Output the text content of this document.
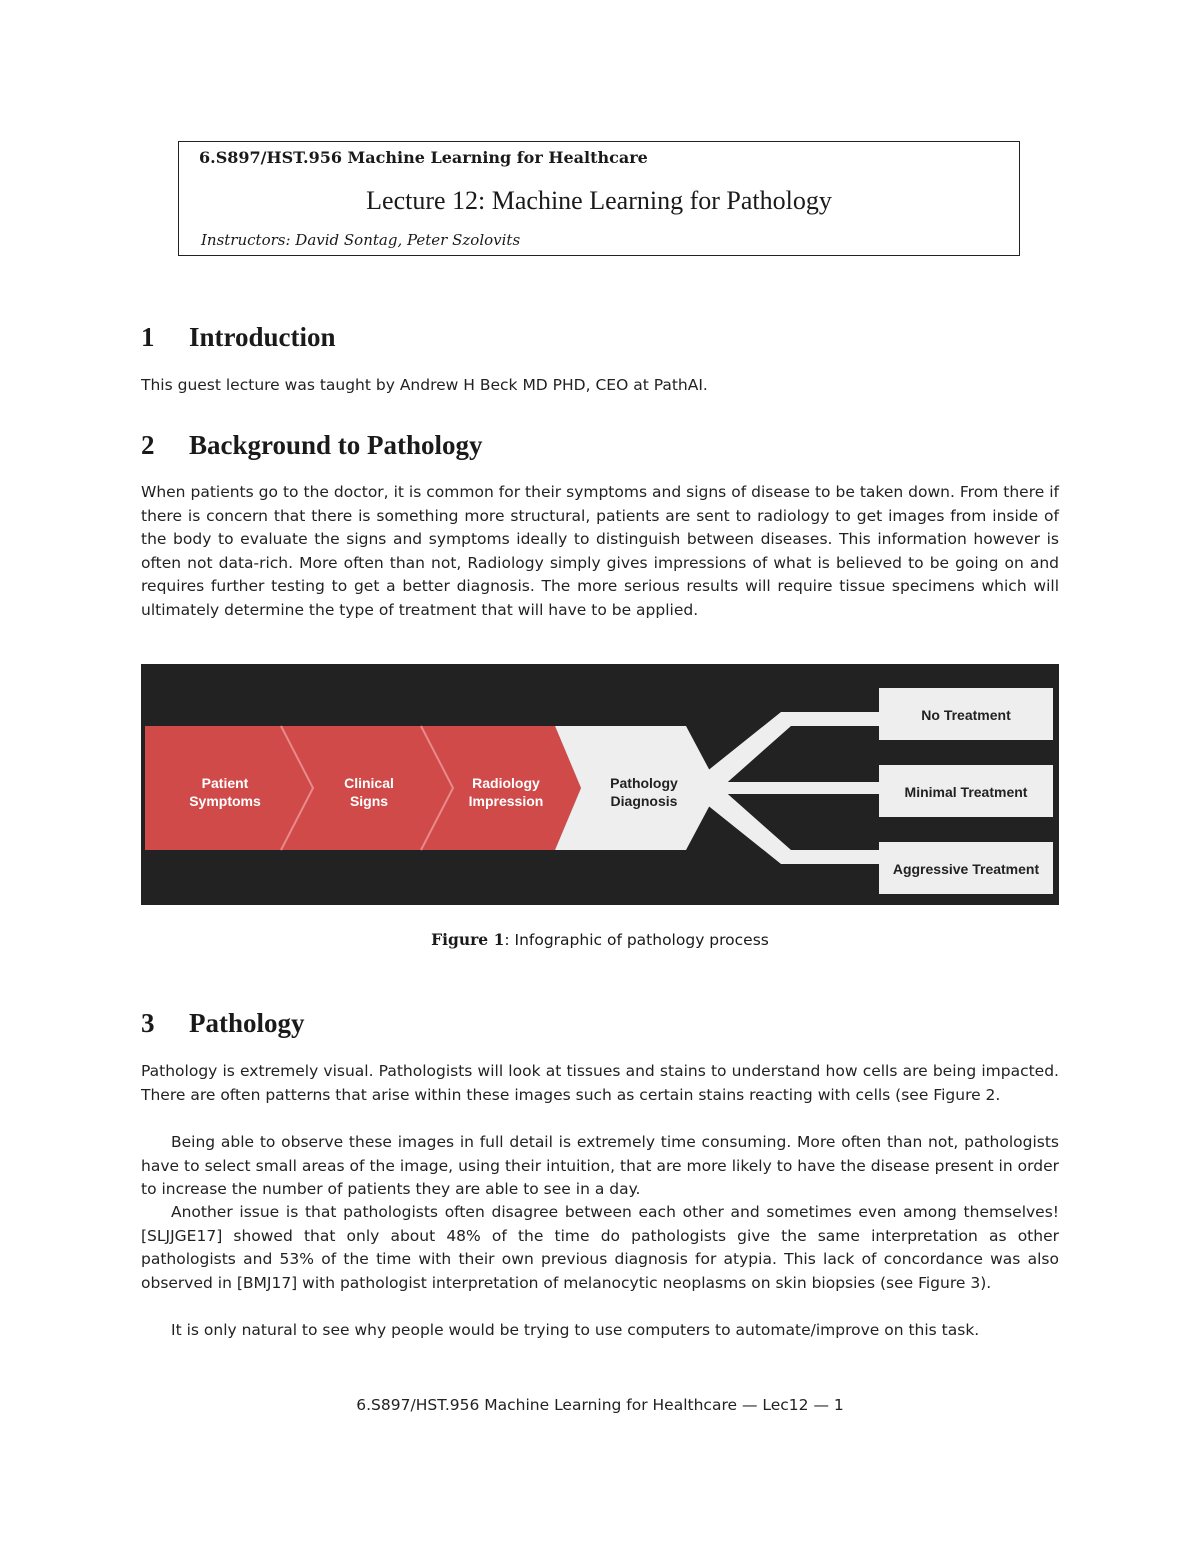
6.S897/HST.956 Machine Learning for Healthcare
Lecture 12: Machine Learning for Pathology
Instructors: David Sontag, Peter Szolovits
1 Introduction
This guest lecture was taught by Andrew H Beck MD PHD, CEO at PathAI.
2 Background to Pathology
When patients go to the doctor, it is common for their symptoms and signs of disease to be taken down. From there if there is concern that there is something more structural, patients are sent to radiology to get images from inside of the body to evaluate the signs and symptoms ideally to distinguish between diseases. This information however is often not data-rich. More often than not, Radiology simply gives impressions of what is believed to be going on and requires further testing to get a better diagnosis. The more serious results will require tissue specimens which will ultimately determine the type of treatment that will have to be applied.
Patient
Symptoms
Clinical
Signs
Radiology
Impression
Pathology
Diagnosis
No Treatment
Minimal Treatment
Aggressive Treatment
Figure 1: Infographic of pathology process
3 Pathology
Pathology is extremely visual. Pathologists will look at tissues and stains to understand how cells are being impacted. There are often patterns that arise within these images such as certain stains reacting with cells (see Figure 2.
Being able to observe these images in full detail is extremely time consuming. More often than not, pathologists have to select small areas of the image, using their intuition, that are more likely to have the disease present in order to increase the number of patients they are able to see in a day.
Another issue is that pathologists often disagree between each other and sometimes even among themselves! [SLJJGE17] showed that only about 48% of the time do pathologists give the same interpretation as other pathologists and 53% of the time with their own previous diagnosis for atypia. This lack of concordance was also observed in [BMJ17] with pathologist interpretation of melanocytic neoplasms on skin biopsies (see Figure 3).
It is only natural to see why people would be trying to use computers to automate/improve on this task.
6.S897/HST.956 Machine Learning for Healthcare — Lec12 — 1
